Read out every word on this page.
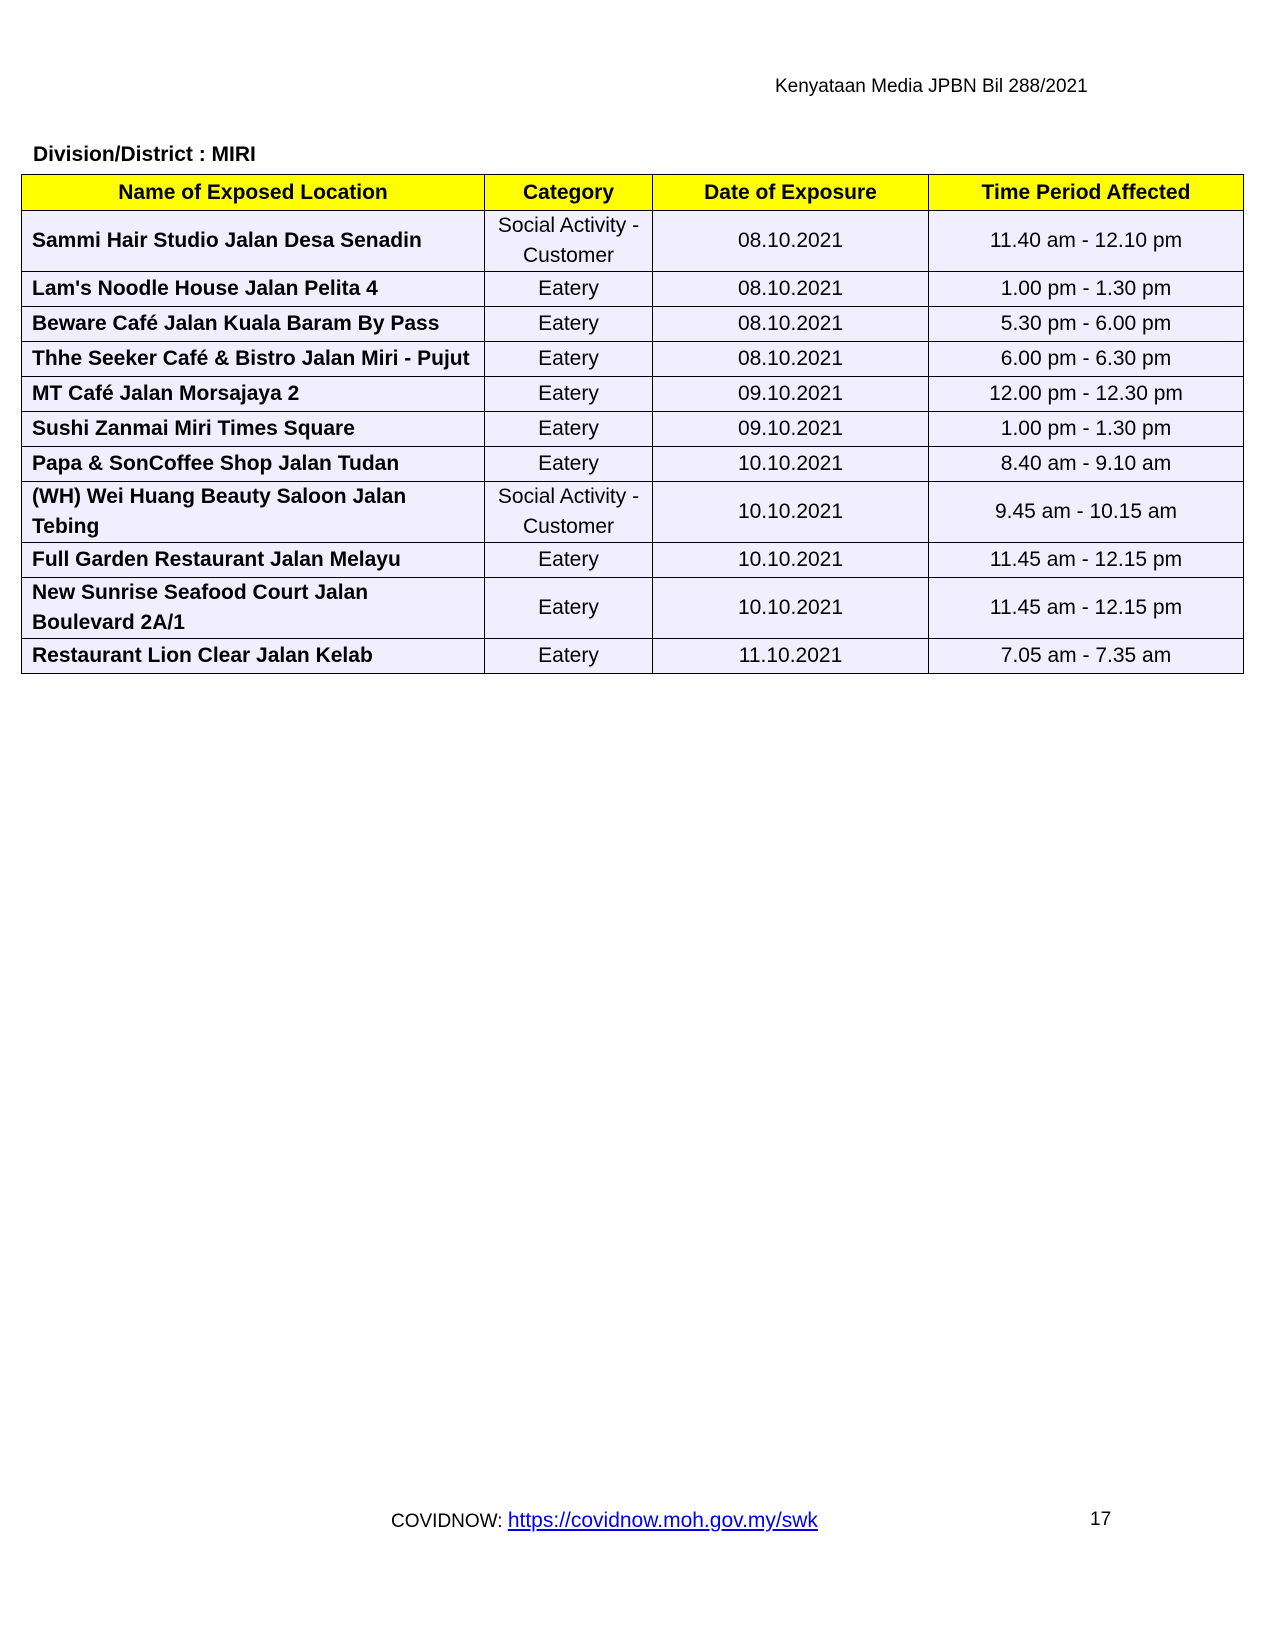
Kenyataan Media JPBN Bil 288/2021
Division/District : MIRI
Name of Exposed Location	Category	Date of Exposure	Time Period Affected
Sammi Hair Studio Jalan Desa Senadin	Social Activity - Customer	08.10.2021	11.40 am - 12.10 pm
Lam's Noodle House Jalan Pelita 4	Eatery	08.10.2021	1.00 pm - 1.30 pm
Beware Café Jalan Kuala Baram By Pass	Eatery	08.10.2021	5.30 pm - 6.00 pm
Thhe Seeker Café & Bistro Jalan Miri - Pujut	Eatery	08.10.2021	6.00 pm - 6.30 pm
MT Café Jalan Morsajaya 2	Eatery	09.10.2021	12.00 pm - 12.30 pm
Sushi Zanmai Miri Times Square	Eatery	09.10.2021	1.00 pm - 1.30 pm
Papa & SonCoffee Shop Jalan Tudan	Eatery	10.10.2021	8.40 am - 9.10 am
(WH) Wei Huang Beauty Saloon Jalan Tebing	Social Activity - Customer	10.10.2021	9.45 am - 10.15 am
Full Garden Restaurant Jalan Melayu	Eatery	10.10.2021	11.45 am - 12.15 pm
New Sunrise Seafood Court Jalan Boulevard 2A/1	Eatery	10.10.2021	11.45 am - 12.15 pm
Restaurant Lion Clear Jalan Kelab	Eatery	11.10.2021	7.05 am - 7.35 am
COVIDNOW: https://covidnow.moh.gov.my/swk	17
